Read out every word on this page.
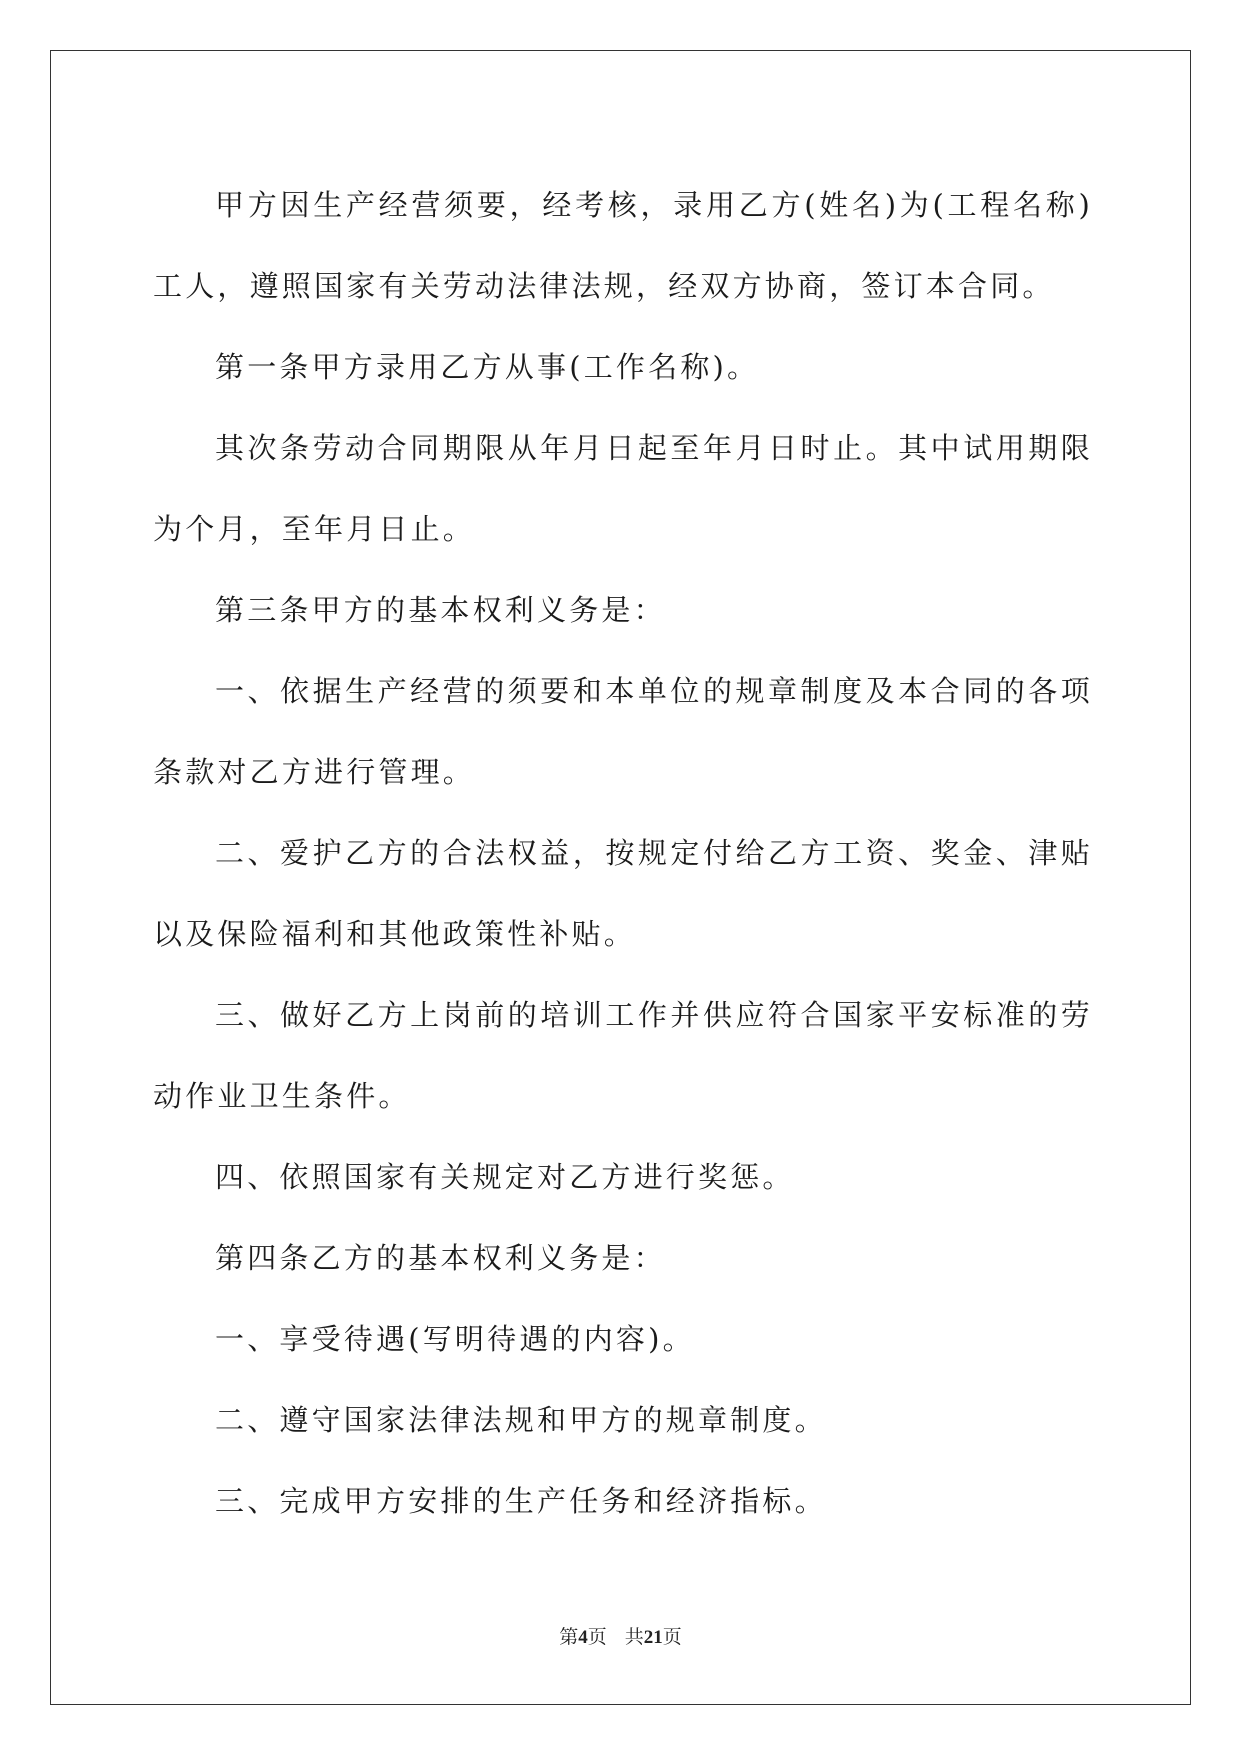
甲方因生产经营须要，经考核，录用乙方(姓名)为(工程名称)工人，遵照国家有关劳动法律法规，经双方协商，签订本合同。

第一条甲方录用乙方从事(工作名称)。

其次条劳动合同期限从年月日起至年月日时止。其中试用期限为个月，至年月日止。

第三条甲方的基本权利义务是：

一、依据生产经营的须要和本单位的规章制度及本合同的各项条款对乙方进行管理。

二、爱护乙方的合法权益，按规定付给乙方工资、奖金、津贴以及保险福利和其他政策性补贴。

三、做好乙方上岗前的培训工作并供应符合国家平安标准的劳动作业卫生条件。

四、依照国家有关规定对乙方进行奖惩。

第四条乙方的基本权利义务是：

一、享受待遇(写明待遇的内容)。

二、遵守国家法律法规和甲方的规章制度。

三、完成甲方安排的生产任务和经济指标。

第4页 共21页
